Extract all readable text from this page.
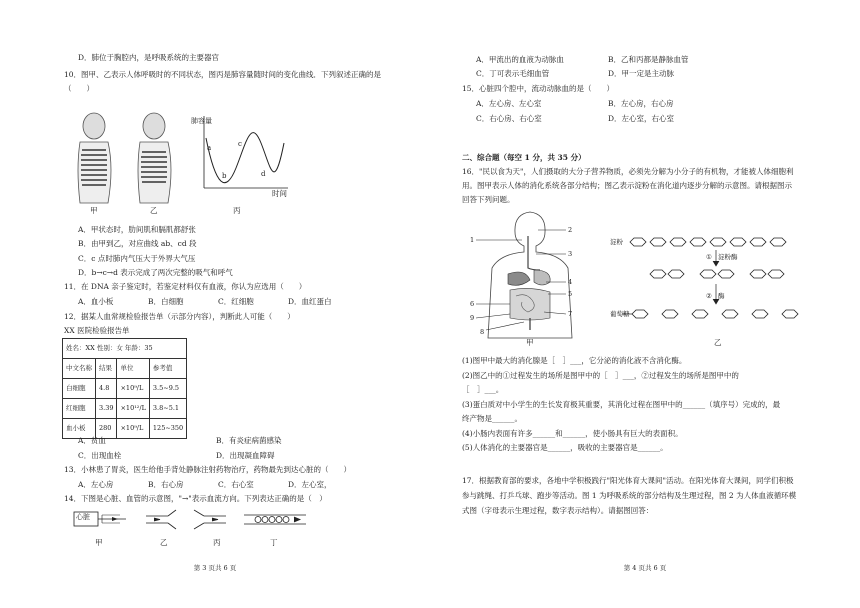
D．肺位于胸腔内，是呼吸系统的主要器官
10．图甲、乙表示人体呼吸时的不同状态，图丙是肺容量随时间的变化曲线．下列叙述正确的是
（　　）
肺容量
时间
a
b
c
d
甲	乙	丙
A．甲状态时，肋间肌和膈肌都舒张
B．由甲到乙，对应曲线 ab、cd 段
C．c 点时肺内气压大于外界大气压
D．b→c→d 表示完成了两次完整的吸气和呼气
11．在 DNA 亲子鉴定时，若鉴定材料仅有血液，你认为应选用（　　）
A．血小板	B．白细胞	C．红细胞	D．血红蛋白
12．据某人血常规检验报告单（示部分内容），判断此人可能（　　）
XX 医院检验报告单
姓名：XX 性别：女 年龄：35			
中文名称	结果	单位	参考值
白细胞	4.8	×10⁹/L	3.5~9.5
红细胞	3.39	×10¹²/L	3.8~5.1
血小板	280	×10⁹/L	125~350
A．贫血	B．有炎症病菌感染
C．出现血栓	D．出现凝血障碍
13．小林患了胃炎，医生给他手背处静脉注射药物治疗，药物最先到达心脏的（　　）
A．左心房	B．右心房	C．右心室	D．左心室，
14．下图是心脏、血管的示意图，"→"表示血流方向。下列表达正确的是（　）
心脏
甲	乙	丙	丁
第 3 页共 6 页
A．甲流出的血液为动脉血	B．乙和丙都是静脉血管
C．丁可表示毛细血管	D．甲一定是主动脉
15．心脏四个腔中，流动动脉血的是（　　）
A．左心房、左心室	B．左心房，右心房
C．右心房、右心室	D．左心室，右心室
二、综合题（每空 1 分，共 35 分）
16．"民以食为天"，人们摄取的大分子营养物质，必须先分解为小分子的有机物，才能被人体细胞利
用。图甲表示人体的消化系统各部分结构；图乙表示淀粉在消化道内逐步分解的示意图。请根据图示
回答下列问题。
1
2
3
4
5
6
7
8
9
甲
淀粉
① 淀粉酶
② 酶
葡萄糖
乙
(1)图甲中最大的消化腺是［　］___，它分泌的消化液不含消化酶。
(2)图乙中的①过程发生的场所是图甲中的［　］___，②过程发生的场所是图甲中的
［　］___。
(3)蛋白质对中小学生的生长发育极其重要，其消化过程在图甲中的______（填序号）完成的，最
终产物是______。
(4)小肠内表面有许多______和______，使小肠具有巨大的表面积。
(5)人体消化的主要器官是______，吸收的主要器官是______。
17．根据教育部的要求，各地中学积极践行"阳光体育大课间"活动。在阳光体育大课间，同学们积极
参与跳绳、打乒乓球、跑步等活动。图 1 为呼吸系统的部分结构及生理过程，图 2 为人体血液循环模
式图（字母表示生理过程，数字表示结构）。请据图回答：
第 4 页共 6 页
